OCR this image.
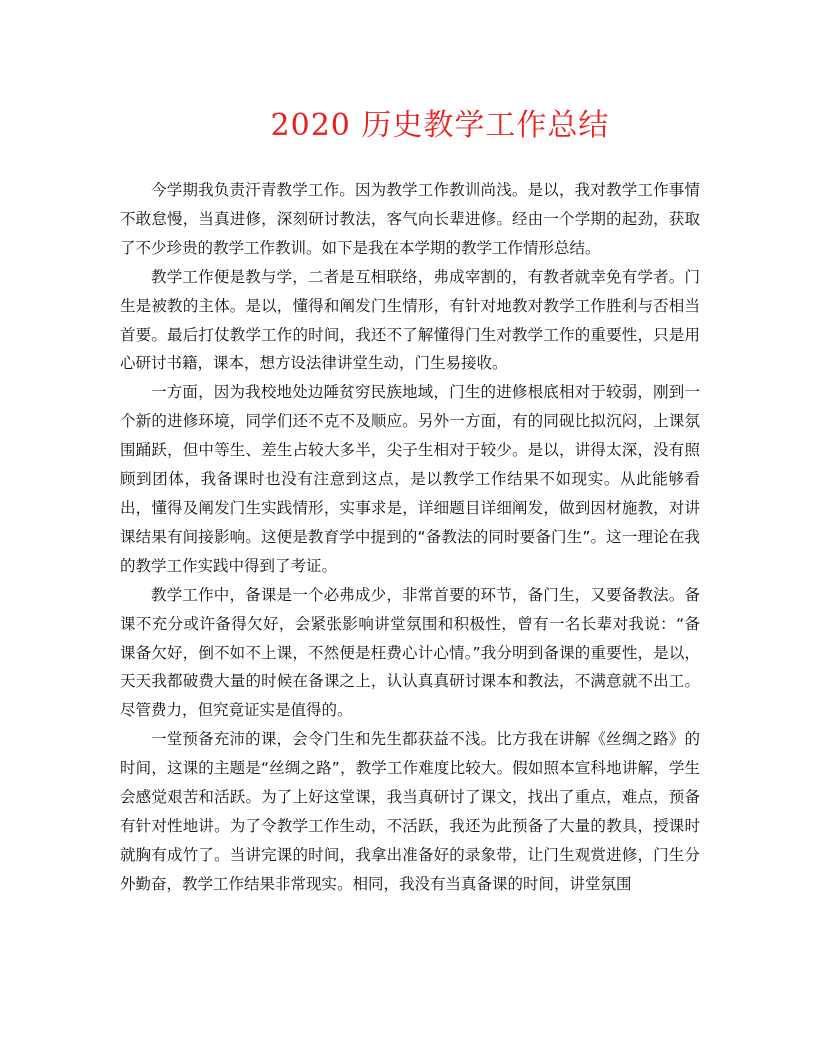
2020 历史教学工作总结

今学期我负责汗青教学工作。因为教学工作教训尚浅。是以，我对教学工作事情不敢怠慢，当真进修，深刻研讨教法，客气向长辈进修。经由一个学期的起劲，获取了不少珍贵的教学工作教训。如下是我在本学期的教学工作情形总结。

教学工作便是教与学，二者是互相联络，弗成宰割的，有教者就幸免有学者。门生是被教的主体。是以，懂得和阐发门生情形，有针对地教对教学工作胜利与否相当首要。最后打仗教学工作的时间，我还不了解懂得门生对教学工作的重要性，只是用心研讨书籍，课本，想方设法律讲堂生动，门生易接收。

一方面，因为我校地处边陲贫穷民族地域，门生的进修根底相对于较弱，刚到一个新的进修环境，同学们还不克不及顺应。另外一方面，有的同砚比拟沉闷，上课氛围踊跃，但中等生、差生占较大多半，尖子生相对于较少。是以，讲得太深，没有照顾到团体，我备课时也没有注意到这点，是以教学工作结果不如现实。从此能够看出，懂得及阐发门生实践情形，实事求是，详细题目详细阐发，做到因材施教，对讲课结果有间接影响。这便是教育学中提到的“备教法的同时要备门生”。这一理论在我的教学工作实践中得到了考证。

教学工作中，备课是一个必弗成少，非常首要的环节，备门生，又要备教法。备课不充分或许备得欠好，会紧张影响讲堂氛围和积极性，曾有一名长辈对我说：“备课备欠好，倒不如不上课，不然便是枉费心计心情。”我分明到备课的重要性，是以，天天我都破费大量的时候在备课之上，认认真真研讨课本和教法，不满意就不出工。尽管费力，但究竟证实是值得的。

一堂预备充沛的课，会令门生和先生都获益不浅。比方我在讲解《丝绸之路》的时间，这课的主题是“丝绸之路”，教学工作难度比较大。假如照本宣科地讲解，学生会感觉艰苦和活跃。为了上好这堂课，我当真研讨了课文，找出了重点，难点，预备有针对性地讲。为了令教学工作生动，不活跃，我还为此预备了大量的教具，授课时就胸有成竹了。当讲完课的时间，我拿出准备好的录象带，让门生观赏进修，门生分外勤奋，教学工作结果非常现实。相同，我没有当真备课的时间，讲堂氛围
